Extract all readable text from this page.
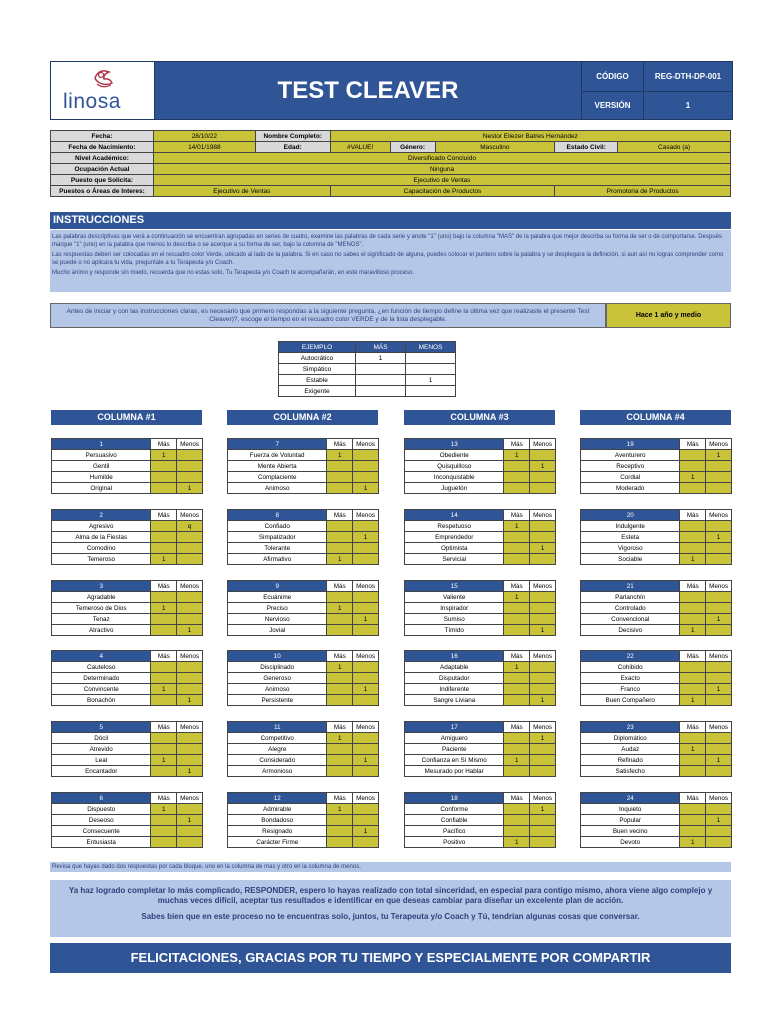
linosa	TEST CLEAVER
CÓDIGO	REG-DTH-DP-001
VERSIÓN	1
Fecha:	28/10/22	Nombre Completo:	Nestor Eliezer Batres Hernández				
Fecha de Nacimiento:	14/01/1988	Edad:	#VALUE!	Género:	Masculino	Estado Civil:	Casado (a)
Nivel Académico:	Diversificado Concluido						
Ocupación Actual	Ninguna						
Puesto que Solicita:	Ejecutivo de Ventas						
Puestos o Áreas de Interes:	Ejecutivo de Ventas		Capacitación de Productos			Promotoria de Productos	
INSTRUCCIONES

Las palabras descriptivas que verá a continuación se encuentran agrupadas en series de cuatro, examine las palabras de cada serie y anote "1" (uno) bajo la columna "MAS" de la palabra que mejor describa su forma de ser o de comportarse. Después marque "1" (uno) en la palabra que menos lo describa o se acerque a su forma de ser, bajo la columna de "MENOS".

Las respuestas deben ser colocadas en el recuadro color Verde, ubicado al lado de la palabra. Si en caso no sabes el significado de alguna, puedes colocar el puntero sobre la palabra y se desplegara la definición, si aun así no logras comprender como se puede o no aplicara tu vida, preguntale a tu Terapeuta y/o Coach.

Mucho ánimo y responde sin miedo, recuerda que no estas solo, Tu Terapeuta y/o Coach te acompañarán, en este maravilloso proceso.

Antes de iniciar y con las instrucciones claras, es necesario que primero respondas a la siguiente pregunta, ¿en función de tiempo define la última vez que realizaste el presente Test Cleaver)?, escoge el tiempo en el recuadro color VERDE y de la lista desplegable.	Hace 1 año y medio
EJEMPLO	MÁS	MENOS
Autocrático	1	
Simpático		
Estable		1
Exigente		
COLUMNA #1
1	Más	Menos
Persuasivo	1	
Gentil		
Humilde		
Original		1
2	Más	Menos
Agresivo		q
Alma de la Fiestas		
Comodino		
Temeroso	1	
3	Más	Menos
Agradable		
Temeroso de Dios	1	
Tenaz		
Atractivo		1
4	Más	Menos
Cauteloso		
Determinado		
Convincente	1	
Bonachón		1
5	Más	Menos
Dócil		
Atrevido		
Leal	1	
Encantador		1
6	Más	Menos
Dispuesto	1	
Deseoso		1
Consecuente		
Entusiasta		
COLUMNA #2
7	Más	Menos
Fuerza de Voluntad	1	
Mente Abierta		
Complaciente		
Animoso		1
8	Más	Menos
Confiado		
Simpatizador		1
Tolerante		
Afirmativo	1	
9	Más	Menos
Ecuánime		
Preciso	1	
Nervioso		1
Jovial		
10	Más	Menos
Disciplinado	1	
Generoso		
Animoso		1
Persistente		
11	Más	Menos
Competitivo	1	
Alegre		
Considerado		1
Armonioso		
12	Más	Menos
Admirable	1	
Bondadoso		
Resignado		1
Carácter Firme		
COLUMNA #3
13	Más	Menos
Obediente	1	
Quisquilloso		1
Inconquistable		
Juguetón		
14	Más	Menos
Respetuoso	1	
Emprendedor		
Optimista		1
Servicial		
15	Más	Menos
Valiente	1	
Inspirador		
Sumiso		
Tímido		1
16	Más	Menos
Adaptable	1	
Disputador		
Indiferente		
Sangre Liviana		1
17	Más	Menos
Amiguero		1
Paciente		
Confianza en Sí Mismo	1	
Mesurado por Hablar		
18	Más	Menos
Conforme		1
Confiable		
Pacífico		
Positivo	1	
COLUMNA #4
19	Más	Menos
Aventurero		1
Receptivo		
Cordial	1	
Moderado		
20	Más	Menos
Indulgente		
Esteta		1
Vigoroso		
Sociable	1	
21	Más	Menos
Parlanchín		
Controlado		
Convencional		1
Decisivo	1	
22	Más	Menos
Cohibido		
Exacto		
Franco		1
Buen Compañero	1	
23	Más	Menos
Diplomático		
Audaz	1	
Refinado		1
Satisfecho		
24	Más	Menos
Inquieto		
Popular		1
Buen vecino		
Devoto	1	
Revisa que hayas dado dos respuestas por cada bloque, uno en la columna de mas y otro en la columna de menos.

Ya haz logrado completar lo más complicado, RESPONDER, espero lo hayas realizado con total sinceridad, en especial para contigo mismo, ahora viene algo complejo y muchas veces difícil, aceptar tus resultados e identificar en que deseas cambiar para diseñar un excelente plan de acción.

Sabes bien que en este proceso no te encuentras solo, juntos, tu Terapeuta y/o Coach y Tú, tendrían algunas cosas que conversar.

FELICITACIONES, GRACIAS POR TU TIEMPO Y ESPECIALMENTE POR COMPARTIR
